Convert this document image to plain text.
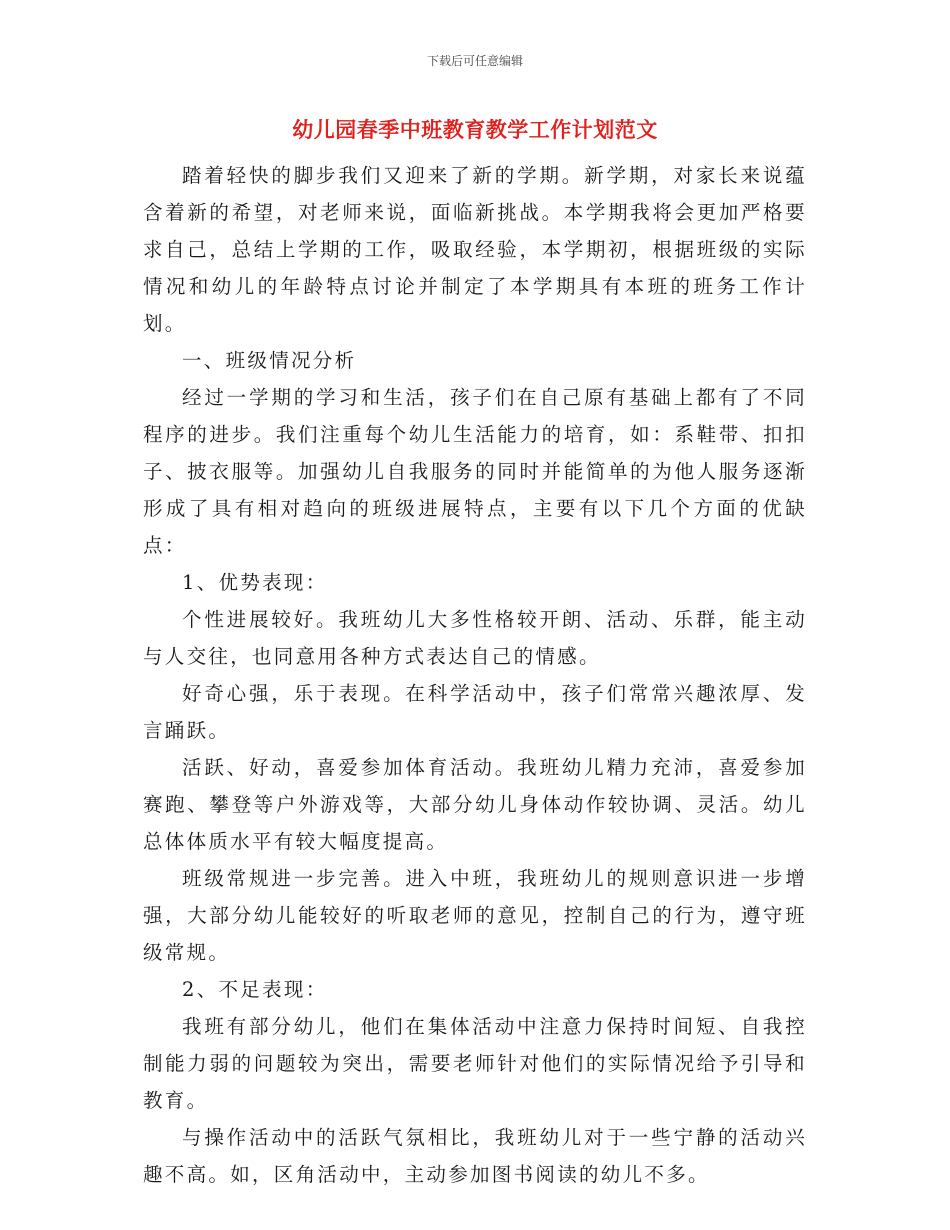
下载后可任意编辑
幼儿园春季中班教育教学工作计划范文

踏着轻快的脚步我们又迎来了新的学期。新学期，对家长来说蕴含着新的希望，对老师来说，面临新挑战。本学期我将会更加严格要求自己，总结上学期的工作，吸取经验，本学期初，根据班级的实际情况和幼儿的年龄特点讨论并制定了本学期具有本班的班务工作计划。

一、班级情况分析

经过一学期的学习和生活，孩子们在自己原有基础上都有了不同程序的进步。我们注重每个幼儿生活能力的培育，如：系鞋带、扣扣子、披衣服等。加强幼儿自我服务的同时并能简单的为他人服务逐渐形成了具有相对趋向的班级进展特点，主要有以下几个方面的优缺点：

1、优势表现：

个性进展较好。我班幼儿大多性格较开朗、活动、乐群，能主动与人交往，也同意用各种方式表达自己的情感。

好奇心强，乐于表现。在科学活动中，孩子们常常兴趣浓厚、发言踊跃。

活跃、好动，喜爱参加体育活动。我班幼儿精力充沛，喜爱参加赛跑、攀登等户外游戏等，大部分幼儿身体动作较协调、灵活。幼儿总体体质水平有较大幅度提高。

班级常规进一步完善。进入中班，我班幼儿的规则意识进一步增强，大部分幼儿能较好的听取老师的意见，控制自己的行为，遵守班级常规。

2、不足表现：

我班有部分幼儿，他们在集体活动中注意力保持时间短、自我控制能力弱的问题较为突出，需要老师针对他们的实际情况给予引导和教育。

与操作活动中的活跃气氛相比，我班幼儿对于一些宁静的活动兴趣不高。如，区角活动中，主动参加图书阅读的幼儿不多。
